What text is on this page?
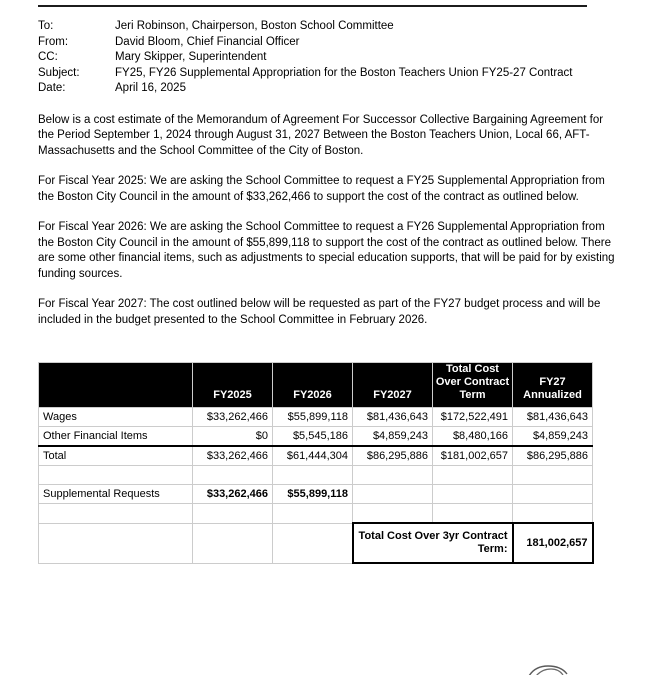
To:	Jeri Robinson, Chairperson, Boston School Committee
From:	David Bloom, Chief Financial Officer
CC:	Mary Skipper, Superintendent
Subject:	FY25, FY26 Supplemental Appropriation for the Boston Teachers Union FY25-27 Contract
Date:	April 16, 2025

Below is a cost estimate of the Memorandum of Agreement For Successor Collective Bargaining Agreement for the Period September 1, 2024 through August 31, 2027 Between the Boston Teachers Union, Local 66, AFT-Massachusetts and the School Committee of the City of Boston.

For Fiscal Year 2025: We are asking the School Committee to request a FY25 Supplemental Appropriation from the Boston City Council in the amount of $33,262,466 to support the cost of the contract as outlined below.

For Fiscal Year 2026: We are asking the School Committee to request a FY26 Supplemental Appropriation from the Boston City Council in the amount of $55,899,118 to support the cost of the contract as outlined below. There are some other financial items, such as adjustments to special education supports, that will be paid for by existing funding sources.

For Fiscal Year 2027: The cost outlined below will be requested as part of the FY27 budget process and will be included in the budget presented to the School Committee in February 2026.

	FY2025	FY2026	FY2027	Total Cost Over Contract Term	FY27 Annualized
Wages	$33,262,466	$55,899,118	$81,436,643	$172,522,491	$81,436,643
Other Financial Items	$0	$5,545,186	$4,859,243	$8,480,166	$4,859,243
Total	$33,262,466	$61,444,304	$86,295,886	$181,002,657	$86,295,886

Supplemental Requests	$33,262,466	$55,899,118			

			Total Cost Over 3yr Contract Term:		181,002,657
